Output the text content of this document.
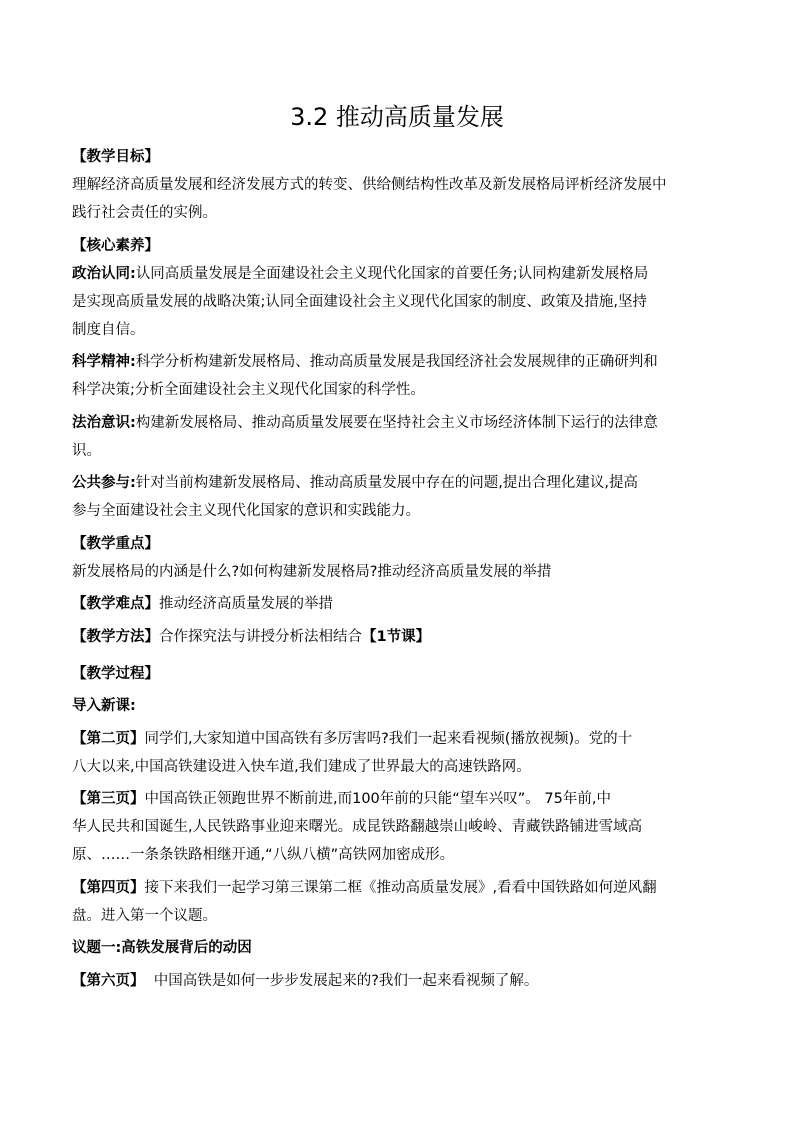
3.2 推动高质量发展
【教学目标】
理解经济高质量发展和经济发展方式的转变、供给侧结构性改革及新发展格局评析经济发展中
践行社会责任的实例。
【核心素养】
政治认同:认同高质量发展是全面建设社会主义现代化国家的首要任务;认同构建新发展格局
是实现高质量发展的战略决策;认同全面建设社会主义现代化国家的制度、政策及措施,坚持
制度自信。
科学精神:科学分析构建新发展格局、推动高质量发展是我国经济社会发展规律的正确研判和
科学决策;分析全面建设社会主义现代化国家的科学性。
法治意识:构建新发展格局、推动高质量发展要在坚持社会主义市场经济体制下运行的法律意
识。
公共参与:针对当前构建新发展格局、推动高质量发展中存在的问题,提出合理化建议,提高
参与全面建设社会主义现代化国家的意识和实践能力。
【教学重点】
新发展格局的内涵是什么?如何构建新发展格局?推动经济高质量发展的举措
【教学难点】推动经济高质量发展的举措
【教学方法】合作探究法与讲授分析法相结合【1节课】
【教学过程】
导入新课:
【第二页】同学们,大家知道中国高铁有多厉害吗?我们一起来看视频(播放视频)。党的十
八大以来,中国高铁建设进入快车道,我们建成了世界最大的高速铁路网。
【第三页】中国高铁正领跑世界不断前进,而100年前的只能“望车兴叹”。 75年前,中
华人民共和国诞生,人民铁路事业迎来曙光。成昆铁路翻越崇山峻岭、青藏铁路铺进雪域高
原、……一条条铁路相继开通,“八纵八横”高铁网加密成形。
【第四页】接下来我们一起学习第三课第二框《推动高质量发展》,看看中国铁路如何逆风翻
盘。进入第一个议题。
议题一:高铁发展背后的动因
【第六页】  中国高铁是如何一步步发展起来的?我们一起来看视频了解。
